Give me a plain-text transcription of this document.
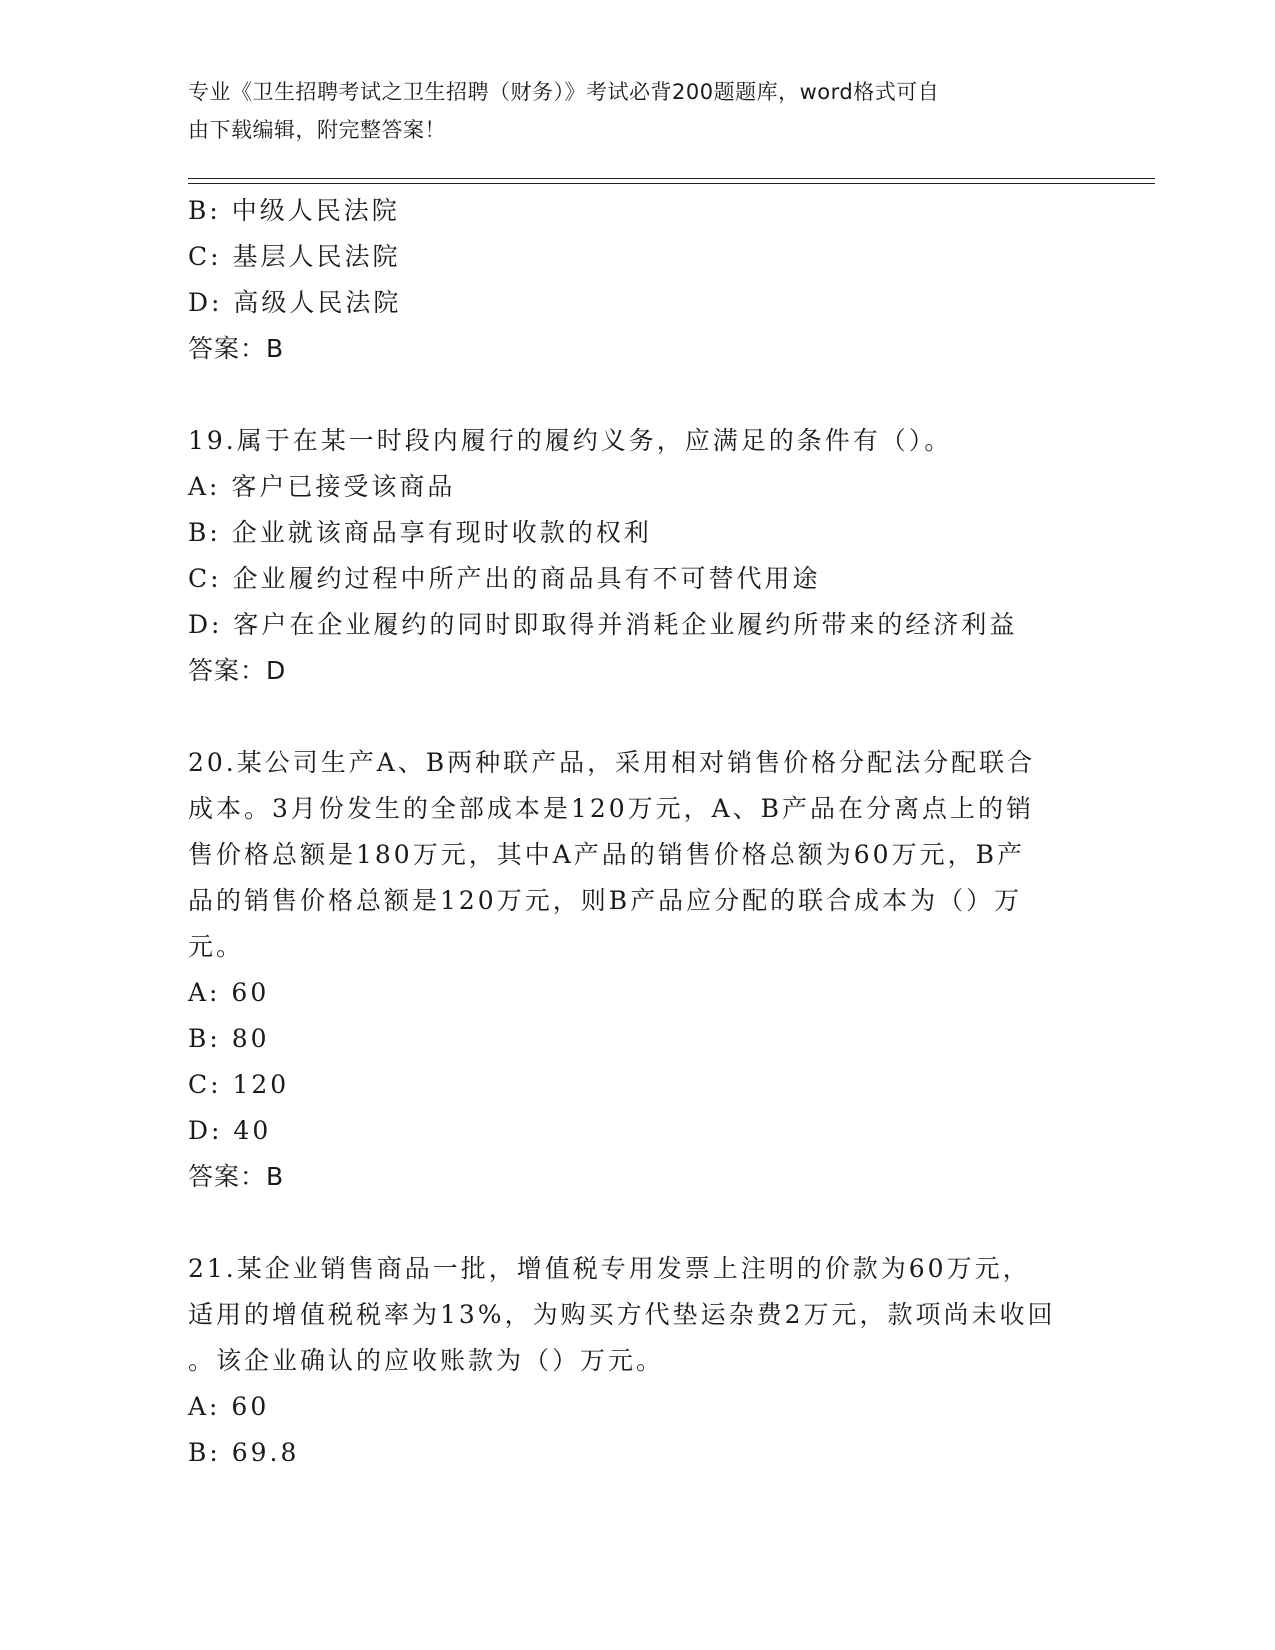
专业《卫生招聘考试之卫生招聘（财务）》考试必背200题题库，word格式可自
由下载编辑，附完整答案！
B: 中级人民法院
C: 基层人民法院
D: 高级人民法院
答案：B
19.属于在某一时段内履行的履约义务，应满足的条件有（）。
A: 客户已接受该商品
B: 企业就该商品享有现时收款的权利
C: 企业履约过程中所产出的商品具有不可替代用途
D: 客户在企业履约的同时即取得并消耗企业履约所带来的经济利益
答案：D
20.某公司生产A、B两种联产品，采用相对销售价格分配法分配联合
成本。3月份发生的全部成本是120万元，A、B产品在分离点上的销
售价格总额是180万元，其中A产品的销售价格总额为60万元，B产
品的销售价格总额是120万元，则B产品应分配的联合成本为（）万
元。
A: 60
B: 80
C: 120
D: 40
答案：B
21.某企业销售商品一批，增值税专用发票上注明的价款为60万元，
适用的增值税税率为13%，为购买方代垫运杂费2万元，款项尚未收回
。该企业确认的应收账款为（）万元。
A: 60
B: 69.8
